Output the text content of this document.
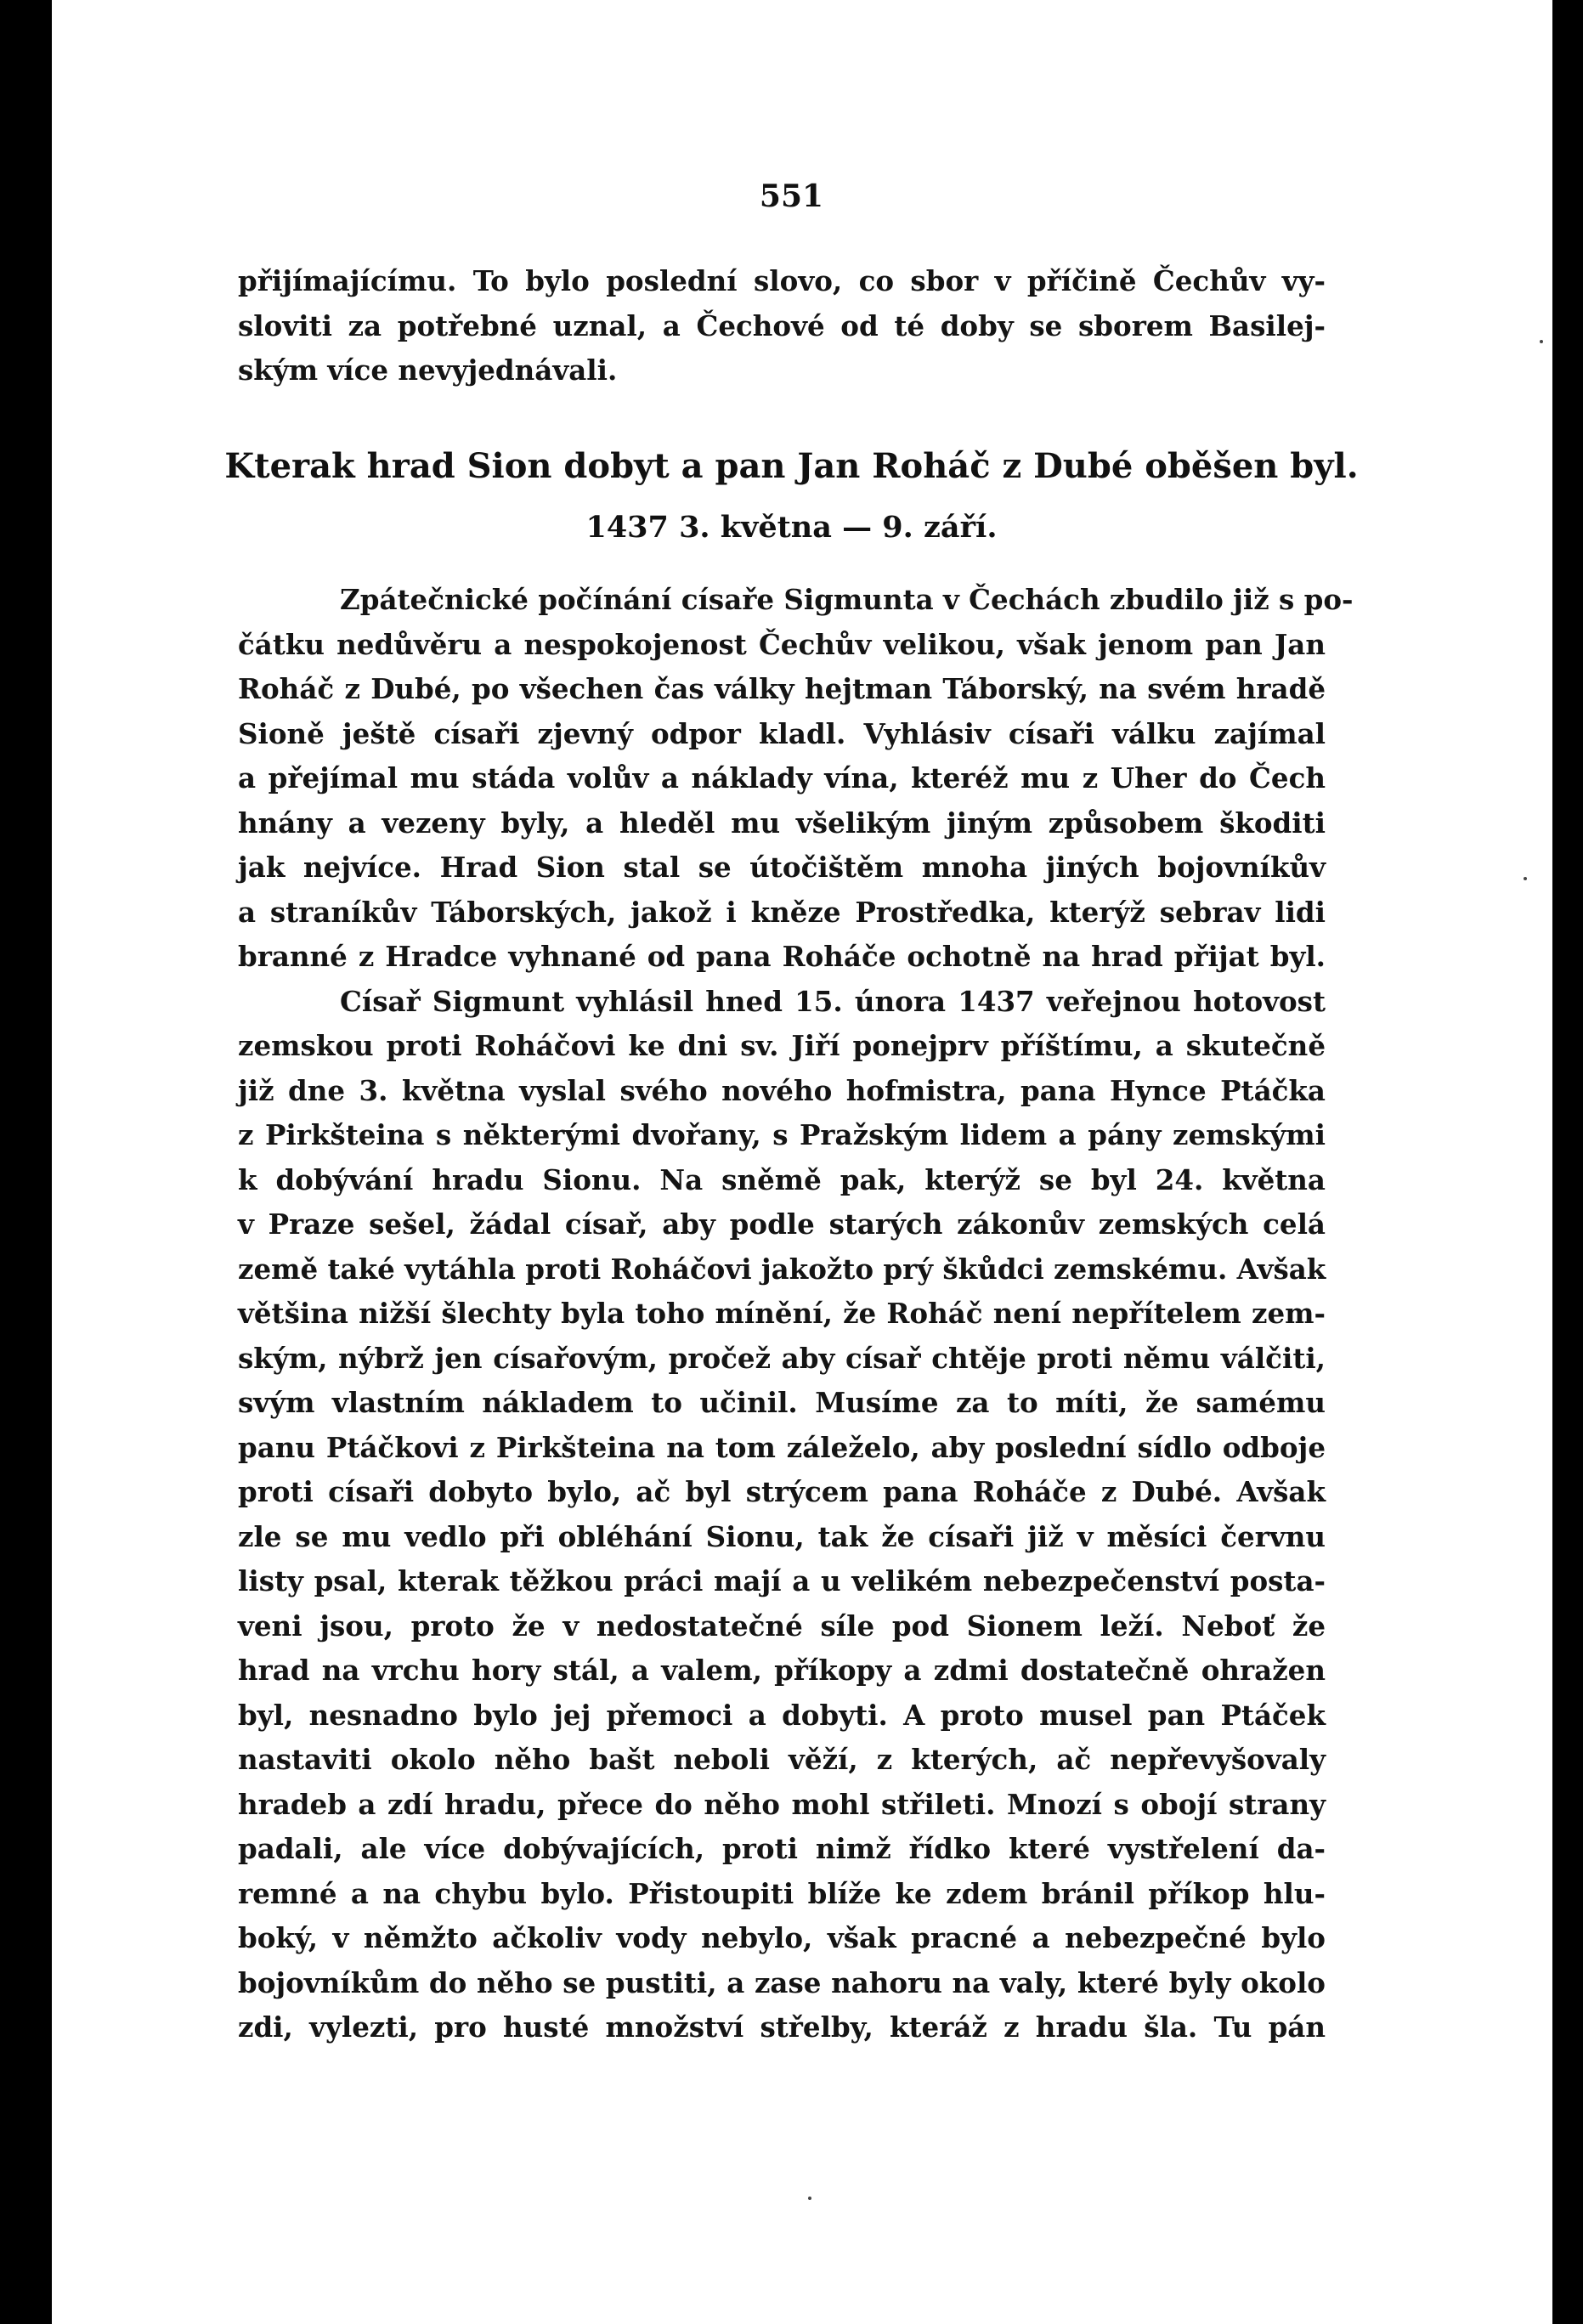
551
přijímajícímu. To bylo poslední slovo, co sbor v příčině Čechův vy-
sloviti za potřebné uznal, a Čechové od té doby se sborem Basilej-
ským více nevyjednávali.
Kterak hrad Sion dobyt a pan Jan Roháč z Dubé oběšen byl.
1437 3. května — 9. září.
Zpátečnické počínání císaře Sigmunta v Čechách zbudilo již s po-
čátku nedůvěru a nespokojenost Čechův velikou, však jenom pan Jan
Roháč z Dubé, po všechen čas války hejtman Táborský, na svém hradě
Sioně ještě císaři zjevný odpor kladl. Vyhlásiv císaři válku zajímal
a přejímal mu stáda volův a náklady vína, kteréž mu z Uher do Čech
hnány a vezeny byly, a hleděl mu všelikým jiným způsobem škoditi
jak nejvíce. Hrad Sion stal se útočištěm mnoha jiných bojovníkův
a straníkův Táborských, jakož i kněze Prostředka, kterýž sebrav lidi
branné z Hradce vyhnané od pana Roháče ochotně na hrad přijat byl.
Císař Sigmunt vyhlásil hned 15. února 1437 veřejnou hotovost
zemskou proti Roháčovi ke dni sv. Jiří ponejprv příštímu, a skutečně
již dne 3. května vyslal svého nového hofmistra, pana Hynce Ptáčka
z Pirkšteina s některými dvořany, s Pražským lidem a pány zemskými
k dobývání hradu Sionu. Na sněmě pak, kterýž se byl 24. května
v Praze sešel, žádal císař, aby podle starých zákonův zemských celá
země také vytáhla proti Roháčovi jakožto prý škůdci zemskému. Avšak
většina nižší šlechty byla toho mínění, že Roháč není nepřítelem zem-
ským, nýbrž jen císařovým, pročež aby císař chtěje proti němu válčiti,
svým vlastním nákladem to učinil. Musíme za to míti, že samému
panu Ptáčkovi z Pirkšteina na tom záleželo, aby poslední sídlo odboje
proti císaři dobyto bylo, ač byl strýcem pana Roháče z Dubé. Avšak
zle se mu vedlo při obléhání Sionu, tak že císaři již v měsíci červnu
listy psal, kterak těžkou práci mají a u velikém nebezpečenství posta-
veni jsou, proto že v nedostatečné síle pod Sionem leží. Neboť že
hrad na vrchu hory stál, a valem, příkopy a zdmi dostatečně ohražen
byl, nesnadno bylo jej přemoci a dobyti. A proto musel pan Ptáček
nastaviti okolo něho bašt neboli věží, z kterých, ač nepřevyšovaly
hradeb a zdí hradu, přece do něho mohl střileti. Mnozí s obojí strany
padali, ale více dobývajících, proti nimž řídko které vystřelení da-
remné a na chybu bylo. Přistoupiti blíže ke zdem bránil příkop hlu-
boký, v němžto ačkoliv vody nebylo, však pracné a nebezpečné bylo
bojovníkům do něho se pustiti, a zase nahoru na valy, které byly okolo
zdi, vylezti, pro husté množství střelby, kteráž z hradu šla. Tu pán
